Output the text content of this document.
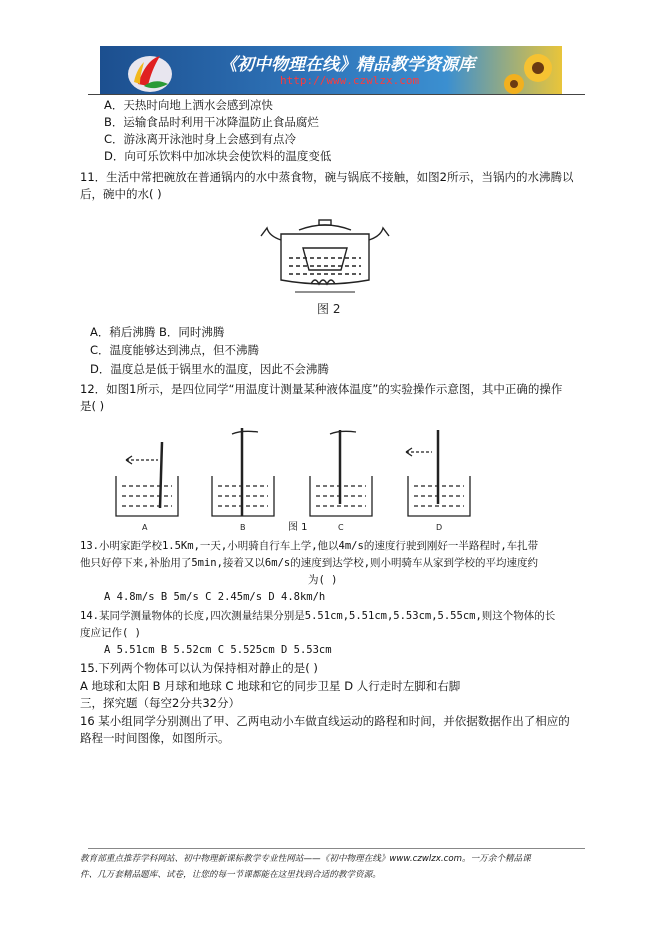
《初中物理在线》精品教学资源库
http://www.czwlzx.com
A．天热时向地上洒水会感到凉快
B．运输食品时利用干冰降温防止食品腐烂
C．游泳离开泳池时身上会感到有点冷
D．向可乐饮料中加冰块会使饮料的温度变低
11．生活中常把碗放在普通锅内的水中蒸食物，碗与锅底不接触，如图2所示，当锅内的水沸腾以
后，碗中的水( )
图 2
A．稍后沸腾 B．同时沸腾
C．温度能够达到沸点，但不沸腾
D．温度总是低于锅里水的温度，因此不会沸腾
12．如图1所示，是四位同学“用温度计测量某种液体温度”的实验操作示意图，其中正确的操作
是( )
A	B	C	D
图 1
13.小明家距学校1.5Km,一天,小明骑自行车上学,他以4m/s的速度行驶到刚好一半路程时,车扎带
他只好停下来,补胎用了5min,接着又以6m/s的速度到达学校,则小明骑车从家到学校的平均速度约
为( )
A 4.8m/s B 5m/s C 2.45m/s D 4.8km/h
14.某同学测量物体的长度,四次测量结果分别是5.51cm,5.51cm,5.53cm,5.55cm,则这个物体的长
度应记作( )
A 5.51cm B 5.52cm C 5.525cm D 5.53cm
15.下列两个物体可以认为保持相对静止的是( )
A 地球和太阳 B 月球和地球 C 地球和它的同步卫星 D 人行走时左脚和右脚
三，探究题（每空2分共32分）
16 某小组同学分别测出了甲、乙两电动小车做直线运动的路程和时间，并依据数据作出了相应的
路程一时间图像，如图所示。
教育部重点推荐学科网站、初中物理新课标教学专业性网站——《初中物理在线》www.czwlzx.com。一万余个精品课
件、几万套精品题库、试卷，让您的每一节课都能在这里找到合适的教学资源。
